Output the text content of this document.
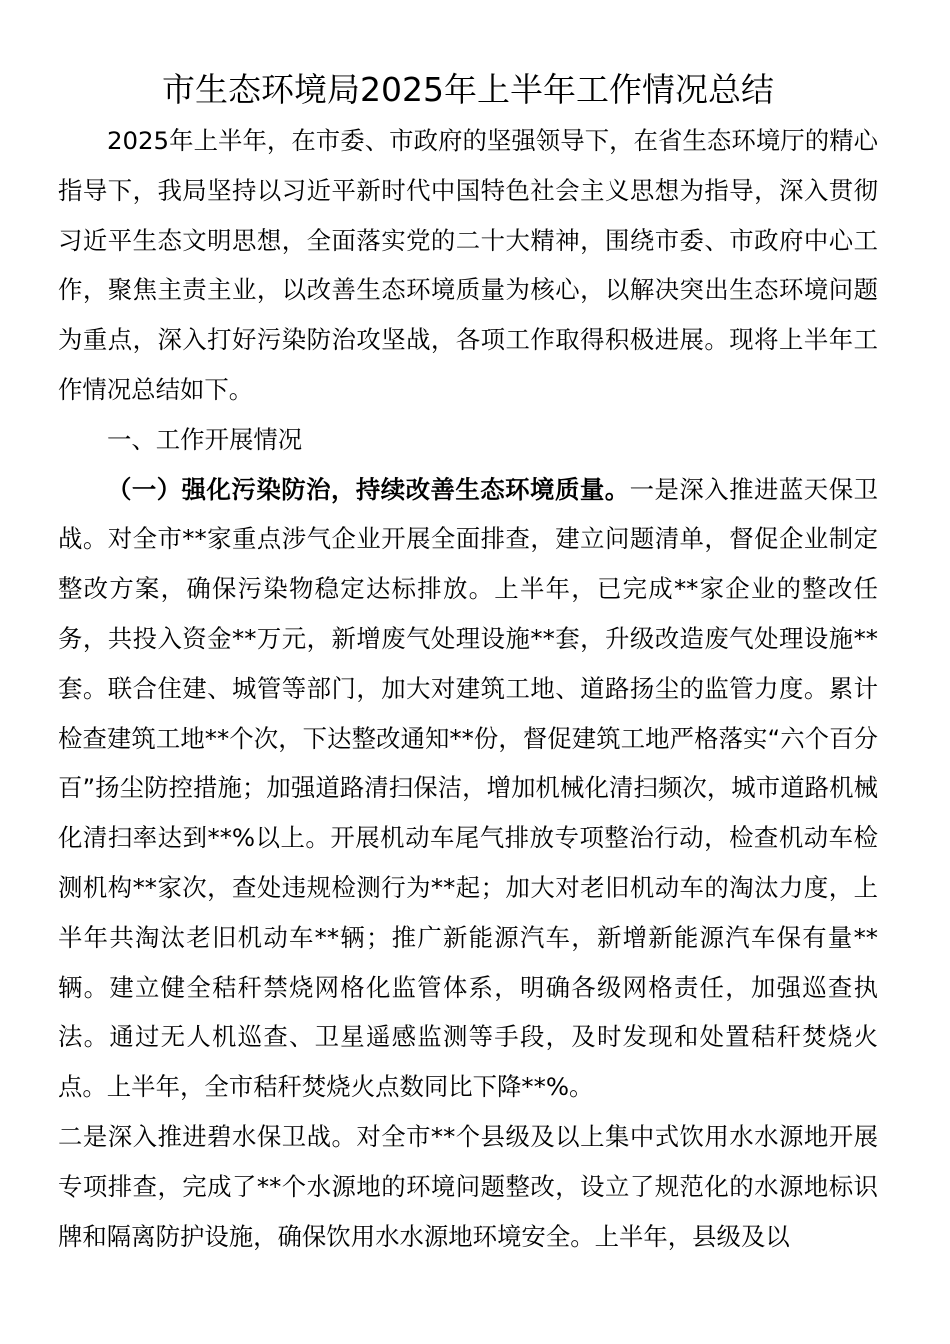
市生态环境局2025年上半年工作情况总结

2025年上半年，在市委、市政府的坚强领导下，在省生态环境厅的精心指导下，我局坚持以习近平新时代中国特色社会主义思想为指导，深入贯彻习近平生态文明思想，全面落实党的二十大精神，围绕市委、市政府中心工作，聚焦主责主业，以改善生态环境质量为核心，以解决突出生态环境问题为重点，深入打好污染防治攻坚战，各项工作取得积极进展。现将上半年工作情况总结如下。

一、工作开展情况

（一）强化污染防治，持续改善生态环境质量。一是深入推进蓝天保卫战。对全市**家重点涉气企业开展全面排查，建立问题清单，督促企业制定整改方案，确保污染物稳定达标排放。上半年，已完成**家企业的整改任务，共投入资金**万元，新增废气处理设施**套，升级改造废气处理设施**套。联合住建、城管等部门，加大对建筑工地、道路扬尘的监管力度。累计检查建筑工地**个次，下达整改通知**份，督促建筑工地严格落实“六个百分百”扬尘防控措施；加强道路清扫保洁，增加机械化清扫频次，城市道路机械化清扫率达到**%以上。开展机动车尾气排放专项整治行动，检查机动车检测机构**家次，查处违规检测行为**起；加大对老旧机动车的淘汰力度，上半年共淘汰老旧机动车**辆；推广新能源汽车，新增新能源汽车保有量**辆。建立健全秸秆禁烧网格化监管体系，明确各级网格责任，加强巡查执法。通过无人机巡查、卫星遥感监测等手段，及时发现和处置秸秆焚烧火点。上半年，全市秸秆焚烧火点数同比下降**%。

二是深入推进碧水保卫战。对全市**个县级及以上集中式饮用水水源地开展专项排查，完成了**个水源地的环境问题整改，设立了规范化的水源地标识牌和隔离防护设施，确保饮用水水源地环境安全。上半年，县级及以
